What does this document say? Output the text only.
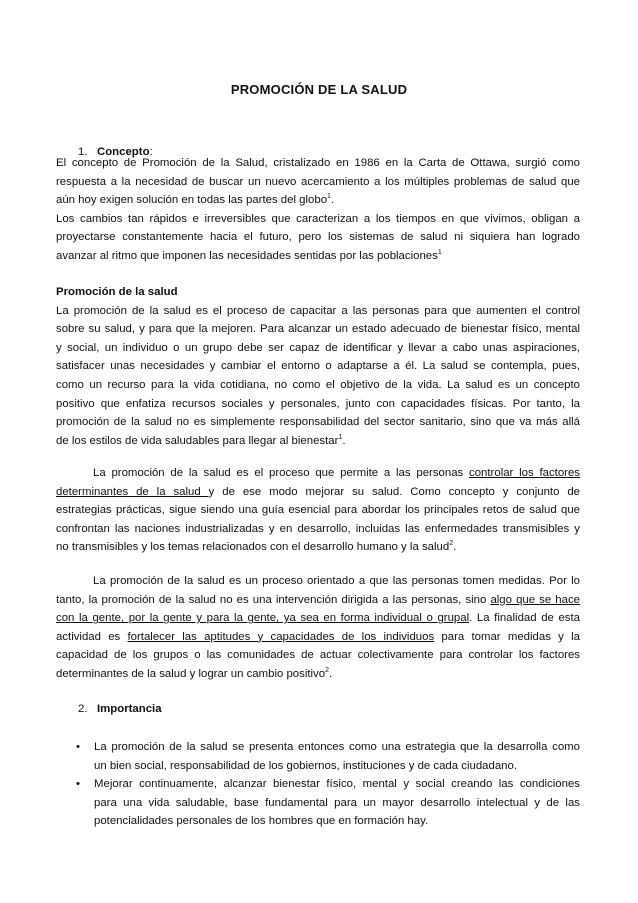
PROMOCIÓN DE LA SALUD
1. Concepto:
El concepto de Promoción de la Salud, cristalizado en 1986 en la Carta de Ottawa, surgió como
respuesta a la necesidad de buscar un nuevo acercamiento a los múltiples problemas de salud que
aún hoy exigen solución en todas las partes del globo$^1$.
Los cambios tan rápidos e irreversibles que caracterizan a los tiempos en que vivimos, obligan a
proyectarse constantemente hacia el futuro, pero los sistemas de salud ni siquiera han logrado
avanzar al ritmo que imponen las necesidades sentidas por las poblaciones$^1$
Promoción de la salud
La promoción de la salud es el proceso de capacitar a las personas para que aumenten el control
sobre su salud, y para que la mejoren. Para alcanzar un estado adecuado de bienestar físico, mental
y social, un individuo o un grupo debe ser capaz de identificar y llevar a cabo unas aspiraciones,
satisfacer unas necesidades y cambiar el entorno o adaptarse a él. La salud se contempla, pues,
como un recurso para la vida cotidiana, no como el objetivo de la vida. La salud es un concepto
positivo que enfatiza recursos sociales y personales, junto con capacidades físicas. Por tanto, la
promoción de la salud no es simplemente responsabilidad del sector sanitario, sino que va más allá
de los estilos de vida saludables para llegar al bienestar$^1$.
La promoción de la salud es el proceso que permite a las personas controlar los factores
determinantes de la salud y de ese modo mejorar su salud. Como concepto y conjunto de
estrategias prácticas, sigue siendo una guía esencial para abordar los principales retos de salud que
confrontan las naciones industrializadas y en desarrollo, incluidas las enfermedades transmisibles y
no transmisibles y los temas relacionados con el desarrollo humano y la salud$^2$.
La promoción de la salud es un proceso orientado a que las personas tomen medidas. Por lo
tanto, la promoción de la salud no es una intervención dirigida a las personas, sino algo que se hace
con la gente, por la gente y para la gente, ya sea en forma individual o grupal. La finalidad de esta
actividad es fortalecer las aptitudes y capacidades de los individuos para tomar medidas y la
capacidad de los grupos o las comunidades de actuar colectivamente para controlar los factores
determinantes de la salud y lograr un cambio positivo$^2$.
2. Importancia
• La promoción de la salud se presenta entonces como una estrategia que la desarrolla como
un bien social, responsabilidad de los gobiernos, instituciones y de cada ciudadano.
• Mejorar continuamente, alcanzar bienestar físico, mental y social creando las condiciones
para una vida saludable, base fundamental para un mayor desarrollo intelectual y de las
potencialidades personales de los hombres que en formación hay.
